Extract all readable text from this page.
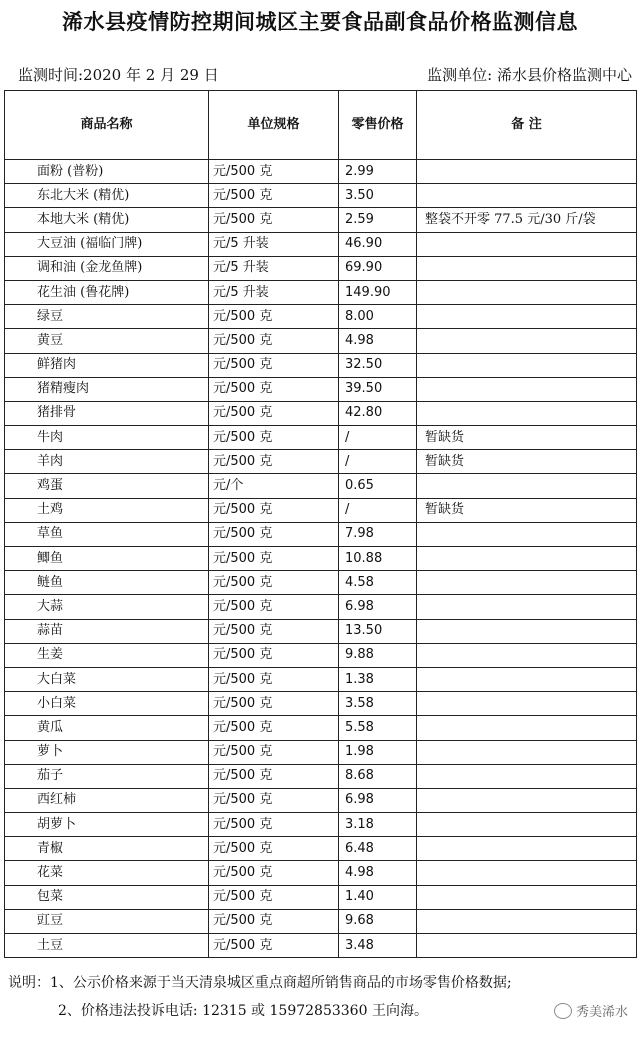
浠水县疫情防控期间城区主要食品副食品价格监测信息
监测时间:2020 年 2 月 29 日	监测单位: 浠水县价格监测中心
商品名称	单位规格	零售价格	备 注
面粉 (普粉)	元/500 克	2.99	
东北大米 (精优)	元/500 克	3.50	
本地大米 (精优)	元/500 克	2.59	整袋不开零 77.5 元/30 斤/袋
大豆油 (福临门牌)	元/5 升装	46.90	
调和油 (金龙鱼牌)	元/5 升装	69.90	
花生油 (鲁花牌)	元/5 升装	149.90	
绿豆	元/500 克	8.00	
黄豆	元/500 克	4.98	
鲜猪肉	元/500 克	32.50	
猪精瘦肉	元/500 克	39.50	
猪排骨	元/500 克	42.80	
牛肉	元/500 克	/	暂缺货
羊肉	元/500 克	/	暂缺货
鸡蛋	元/个	0.65	
土鸡	元/500 克	/	暂缺货
草鱼	元/500 克	7.98	
鲫鱼	元/500 克	10.88	
鲢鱼	元/500 克	4.58	
大蒜	元/500 克	6.98	
蒜苗	元/500 克	13.50	
生姜	元/500 克	9.88	
大白菜	元/500 克	1.38	
小白菜	元/500 克	3.58	
黄瓜	元/500 克	5.58	
萝卜	元/500 克	1.98	
茄子	元/500 克	8.68	
西红柿	元/500 克	6.98	
胡萝卜	元/500 克	3.18	
青椒	元/500 克	6.48	
花菜	元/500 克	4.98	
包菜	元/500 克	1.40	
豇豆	元/500 克	9.68	
土豆	元/500 克	3.48	
说明：1、公示价格来源于当天清泉城区重点商超所销售商品的市场零售价格数据;
2、价格违法投诉电话: 12315 或 15972853360 王向海。	秀美浠水
